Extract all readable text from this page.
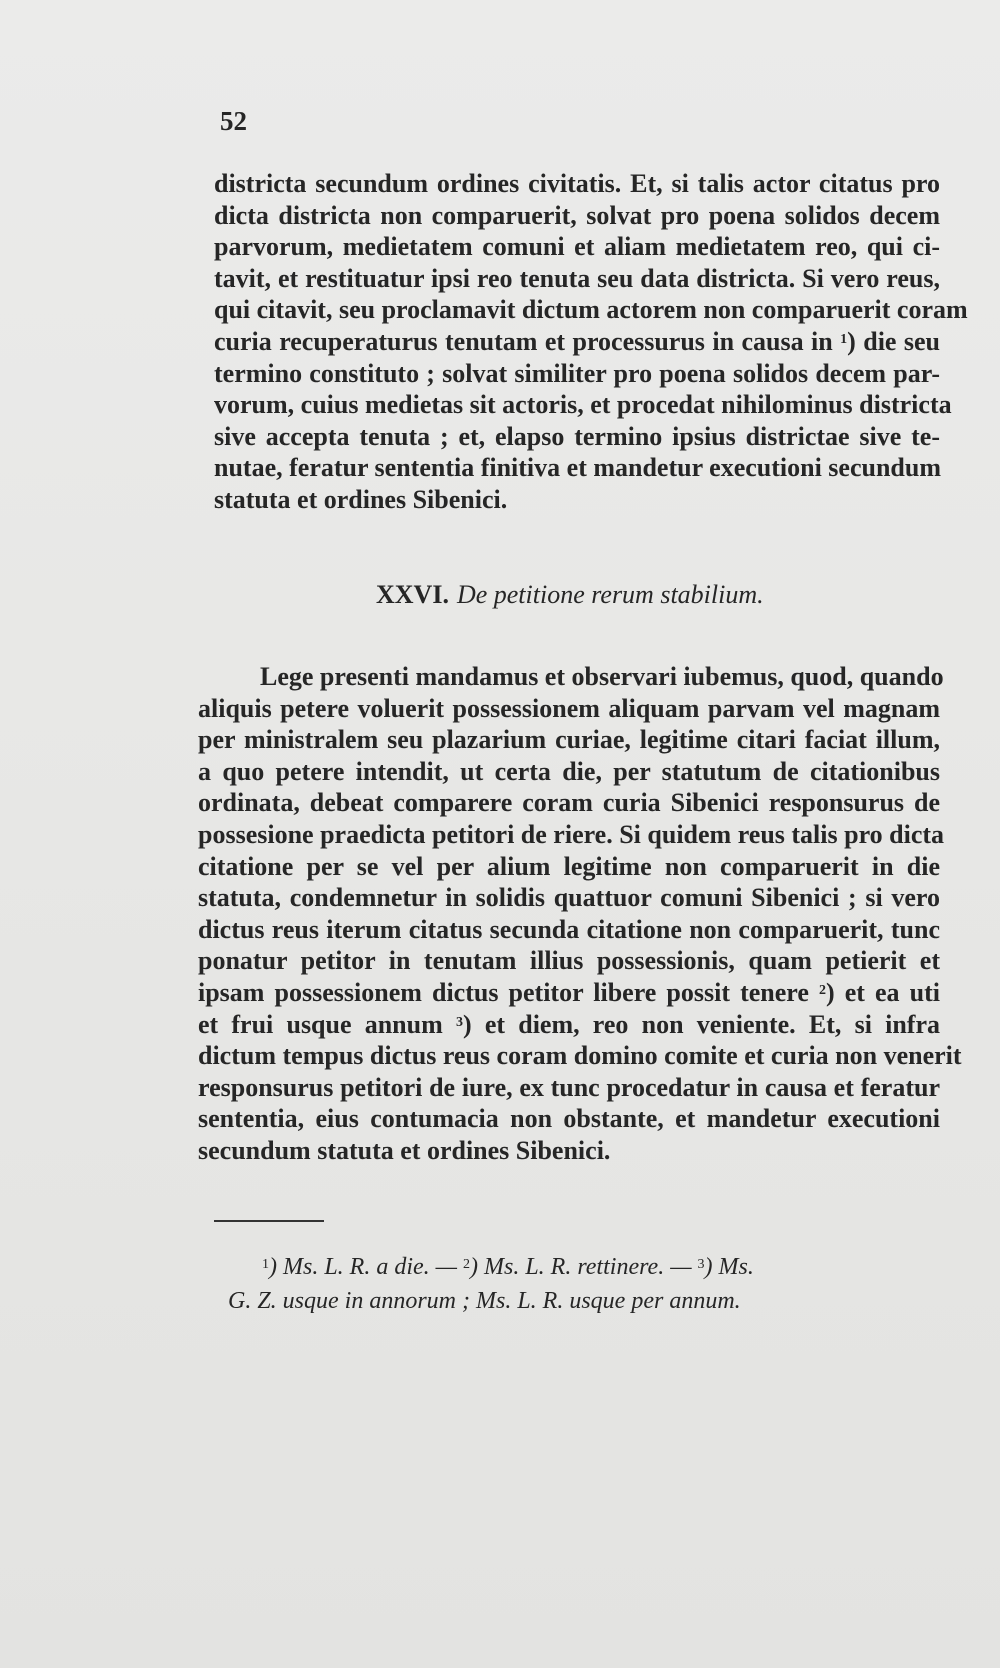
52

districta secundum ordines civitatis. Et, si talis actor citatus pro
dicta districta non comparuerit, solvat pro poena solidos decem
parvorum, medietatem comuni et aliam medietatem reo, qui ci-
tavit, et restituatur ipsi reo tenuta seu data districta. Si vero reus,
qui citavit, seu proclamavit dictum actorem non comparuerit coram
curia recuperaturus tenutam et processurus in causa in $^1$) die seu
termino constituto ; solvat similiter pro poena solidos decem par-
vorum, cuius medietas sit actoris, et procedat nihilominus districta
sive accepta tenuta ; et, elapso termino ipsius districtae sive te-
nutae, feratur sententia finitiva et mandetur executioni secundum
statuta et ordines Sibenici.

XXVI. De petitione rerum stabilium.

Lege presenti mandamus et observari iubemus, quod, quando
aliquis petere voluerit possessionem aliquam parvam vel magnam
per ministralem seu plazarium curiae, legitime citari faciat illum,
a quo petere intendit, ut certa die, per statutum de citationibus
ordinata, debeat comparere coram curia Sibenici responsurus de
possesione praedicta petitori de riere. Si quidem reus talis pro dicta
citatione per se vel per alium legitime non comparuerit in die
statuta, condemnetur in solidis quattuor comuni Sibenici ; si vero
dictus reus iterum citatus secunda citatione non comparuerit, tunc
ponatur petitor in tenutam illius possessionis, quam petierit et
ipsam possessionem dictus petitor libere possit tenere $^2$) et ea uti
et frui usque annum $^3$) et diem, reo non veniente. Et, si infra
dictum tempus dictus reus coram domino comite et curia non venerit
responsurus petitori de iure, ex tunc procedatur in causa et feratur
sententia, eius contumacia non obstante, et mandetur executioni
secundum statuta et ordines Sibenici.

$^1$) Ms. L. R. a die. — $^2$) Ms. L. R. rettinere. — $^3$) Ms.
G. Z. usque in annorum ; Ms. L. R. usque per annum.
